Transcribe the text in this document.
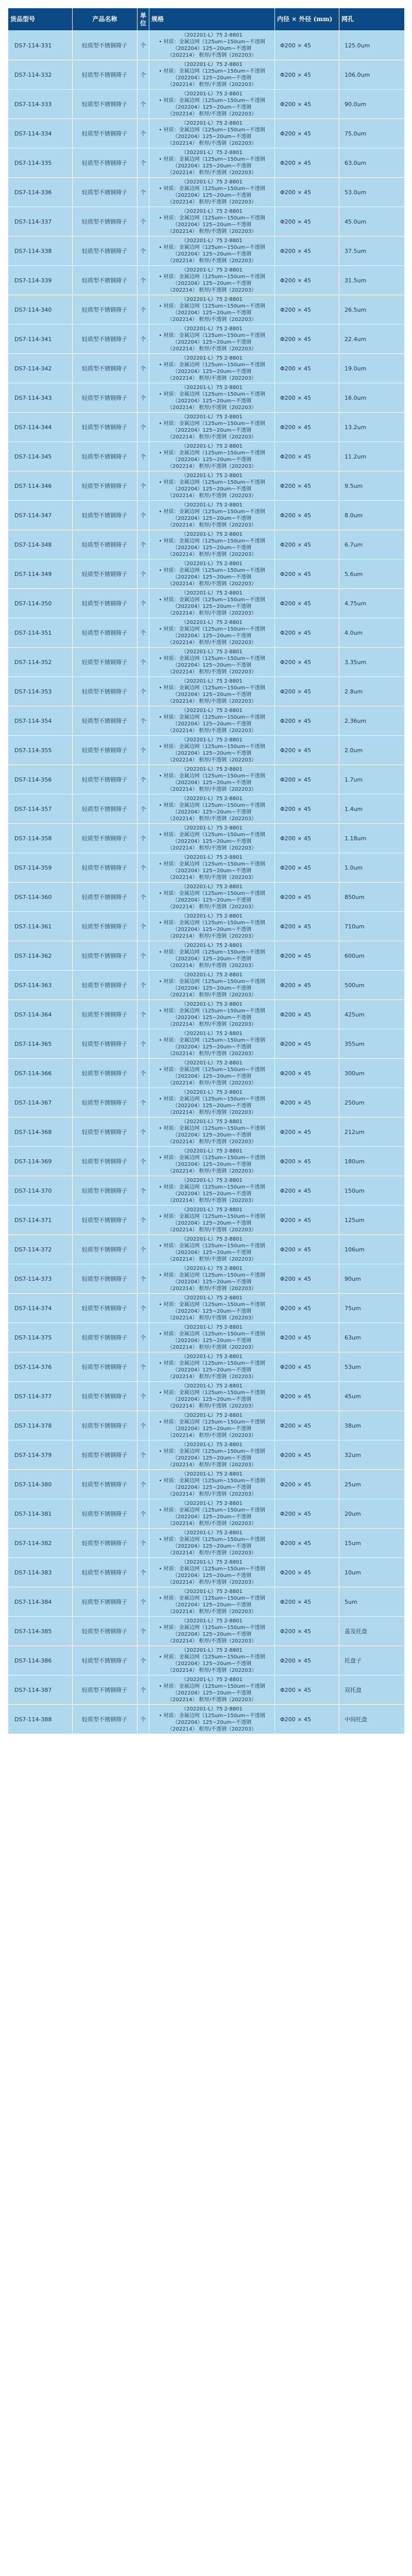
货品型号	产品名称	单位	规格	内径 × 外径 (mm)	网孔
DS7-114-331	轻质型不锈钢筛子	个	（202201-L）75 2-8801
• 材质：金属边网（125um~150um~不透钢
（202204）125~20um~不透钢
（202214） 框厚/不透钢（202203）	Φ200 × 45	125.0um
DS7-114-332	轻质型不锈钢筛子	个	（202201-L）75 2-8801
• 材质：金属边网（125um~150um~不透钢
（202204）125~20um~不透钢
（202214） 框厚/不透钢（202203）	Φ200 × 45	106.0um
DS7-114-333	轻质型不锈钢筛子	个	（202201-L）75 2-8801
• 材质：金属边网（125um~150um~不透钢
（202204）125~20um~不透钢
（202214） 框厚/不透钢（202203）	Φ200 × 45	90.0um
DS7-114-334	轻质型不锈钢筛子	个	（202201-L）75 2-8801
• 材质：金属边网（125um~150um~不透钢
（202204）125~20um~不透钢
（202214） 框厚/不透钢（202203）	Φ200 × 45	75.0um
DS7-114-335	轻质型不锈钢筛子	个	（202201-L）75 2-8801
• 材质：金属边网（125um~150um~不透钢
（202204）125~20um~不透钢
（202214） 框厚/不透钢（202203）	Φ200 × 45	63.0um
DS7-114-336	轻质型不锈钢筛子	个	（202201-L）75 2-8801
• 材质：金属边网（125um~150um~不透钢
（202204）125~20um~不透钢
（202214） 框厚/不透钢（202203）	Φ200 × 45	53.0um
DS7-114-337	轻质型不锈钢筛子	个	（202201-L）75 2-8801
• 材质：金属边网（125um~150um~不透钢
（202204）125~20um~不透钢
（202214） 框厚/不透钢（202203）	Φ200 × 45	45.0um
DS7-114-338	轻质型不锈钢筛子	个	（202201-L）75 2-8801
• 材质：金属边网（125um~150um~不透钢
（202204）125~20um~不透钢
（202214） 框厚/不透钢（202203）	Φ200 × 45	37.5um
DS7-114-339	轻质型不锈钢筛子	个	（202201-L）75 2-8801
• 材质：金属边网（125um~150um~不透钢
（202204）125~20um~不透钢
（202214） 框厚/不透钢（202203）	Φ200 × 45	31.5um
DS7-114-340	轻质型不锈钢筛子	个	（202201-L）75 2-8801
• 材质：金属边网（125um~150um~不透钢
（202204）125~20um~不透钢
（202214） 框厚/不透钢（202203）	Φ200 × 45	26.5um
DS7-114-341	轻质型不锈钢筛子	个	（202201-L）75 2-8801
• 材质：金属边网（125um~150um~不透钢
（202204）125~20um~不透钢
（202214） 框厚/不透钢（202203）	Φ200 × 45	22.4um
DS7-114-342	轻质型不锈钢筛子	个	（202201-L）75 2-8801
• 材质：金属边网（125um~150um~不透钢
（202204）125~20um~不透钢
（202214） 框厚/不透钢（202203）	Φ200 × 45	19.0um
DS7-114-343	轻质型不锈钢筛子	个	（202201-L）75 2-8801
• 材质：金属边网（125um~150um~不透钢
（202204）125~20um~不透钢
（202214） 框厚/不透钢（202203）	Φ200 × 45	16.0um
DS7-114-344	轻质型不锈钢筛子	个	（202201-L）75 2-8801
• 材质：金属边网（125um~150um~不透钢
（202204）125~20um~不透钢
（202214） 框厚/不透钢（202203）	Φ200 × 45	13.2um
DS7-114-345	轻质型不锈钢筛子	个	（202201-L）75 2-8801
• 材质：金属边网（125um~150um~不透钢
（202204）125~20um~不透钢
（202214） 框厚/不透钢（202203）	Φ200 × 45	11.2um
DS7-114-346	轻质型不锈钢筛子	个	（202201-L）75 2-8801
• 材质：金属边网（125um~150um~不透钢
（202204）125~20um~不透钢
（202214） 框厚/不透钢（202203）	Φ200 × 45	9.5um
DS7-114-347	轻质型不锈钢筛子	个	（202201-L）75 2-8801
• 材质：金属边网（125um~150um~不透钢
（202204）125~20um~不透钢
（202214） 框厚/不透钢（202203）	Φ200 × 45	8.0um
DS7-114-348	轻质型不锈钢筛子	个	（202201-L）75 2-8801
• 材质：金属边网（125um~150um~不透钢
（202204）125~20um~不透钢
（202214） 框厚/不透钢（202203）	Φ200 × 45	6.7um
DS7-114-349	轻质型不锈钢筛子	个	（202201-L）75 2-8801
• 材质：金属边网（125um~150um~不透钢
（202204）125~20um~不透钢
（202214） 框厚/不透钢（202203）	Φ200 × 45	5.6um
DS7-114-350	轻质型不锈钢筛子	个	（202201-L）75 2-8801
• 材质：金属边网（125um~150um~不透钢
（202204）125~20um~不透钢
（202214） 框厚/不透钢（202203）	Φ200 × 45	4.75um
DS7-114-351	轻质型不锈钢筛子	个	（202201-L）75 2-8801
• 材质：金属边网（125um~150um~不透钢
（202204）125~20um~不透钢
（202214） 框厚/不透钢（202203）	Φ200 × 45	4.0um
DS7-114-352	轻质型不锈钢筛子	个	（202201-L）75 2-8801
• 材质：金属边网（125um~150um~不透钢
（202204）125~20um~不透钢
（202214） 框厚/不透钢（202203）	Φ200 × 45	3.35um
DS7-114-353	轻质型不锈钢筛子	个	（202201-L）75 2-8801
• 材质：金属边网（125um~150um~不透钢
（202204）125~20um~不透钢
（202214） 框厚/不透钢（202203）	Φ200 × 45	2.8um
DS7-114-354	轻质型不锈钢筛子	个	（202201-L）75 2-8801
• 材质：金属边网（125um~150um~不透钢
（202204）125~20um~不透钢
（202214） 框厚/不透钢（202203）	Φ200 × 45	2.36um
DS7-114-355	轻质型不锈钢筛子	个	（202201-L）75 2-8801
• 材质：金属边网（125um~150um~不透钢
（202204）125~20um~不透钢
（202214） 框厚/不透钢（202203）	Φ200 × 45	2.0um
DS7-114-356	轻质型不锈钢筛子	个	（202201-L）75 2-8801
• 材质：金属边网（125um~150um~不透钢
（202204）125~20um~不透钢
（202214） 框厚/不透钢（202203）	Φ200 × 45	1.7um
DS7-114-357	轻质型不锈钢筛子	个	（202201-L）75 2-8801
• 材质：金属边网（125um~150um~不透钢
（202204）125~20um~不透钢
（202214） 框厚/不透钢（202203）	Φ200 × 45	1.4um
DS7-114-358	轻质型不锈钢筛子	个	（202201-L）75 2-8801
• 材质：金属边网（125um~150um~不透钢
（202204）125~20um~不透钢
（202214） 框厚/不透钢（202203）	Φ200 × 45	1.18um
DS7-114-359	轻质型不锈钢筛子	个	（202201-L）75 2-8801
• 材质：金属边网（125um~150um~不透钢
（202204）125~20um~不透钢
（202214） 框厚/不透钢（202203）	Φ200 × 45	1.0um
DS7-114-360	轻质型不锈钢筛子	个	（202201-L）75 2-8801
• 材质：金属边网（125um~150um~不透钢
（202204）125~20um~不透钢
（202214） 框厚/不透钢（202203）	Φ200 × 45	850um
DS7-114-361	轻质型不锈钢筛子	个	（202201-L）75 2-8801
• 材质：金属边网（125um~150um~不透钢
（202204）125~20um~不透钢
（202214） 框厚/不透钢（202203）	Φ200 × 45	710um
DS7-114-362	轻质型不锈钢筛子	个	（202201-L）75 2-8801
• 材质：金属边网（125um~150um~不透钢
（202204）125~20um~不透钢
（202214） 框厚/不透钢（202203）	Φ200 × 45	600um
DS7-114-363	轻质型不锈钢筛子	个	（202201-L）75 2-8801
• 材质：金属边网（125um~150um~不透钢
（202204）125~20um~不透钢
（202214） 框厚/不透钢（202203）	Φ200 × 45	500um
DS7-114-364	轻质型不锈钢筛子	个	（202201-L）75 2-8801
• 材质：金属边网（125um~150um~不透钢
（202204）125~20um~不透钢
（202214） 框厚/不透钢（202203）	Φ200 × 45	425um
DS7-114-365	轻质型不锈钢筛子	个	（202201-L）75 2-8801
• 材质：金属边网（125um~150um~不透钢
（202204）125~20um~不透钢
（202214） 框厚/不透钢（202203）	Φ200 × 45	355um
DS7-114-366	轻质型不锈钢筛子	个	（202201-L）75 2-8801
• 材质：金属边网（125um~150um~不透钢
（202204）125~20um~不透钢
（202214） 框厚/不透钢（202203）	Φ200 × 45	300um
DS7-114-367	轻质型不锈钢筛子	个	（202201-L）75 2-8801
• 材质：金属边网（125um~150um~不透钢
（202204）125~20um~不透钢
（202214） 框厚/不透钢（202203）	Φ200 × 45	250um
DS7-114-368	轻质型不锈钢筛子	个	（202201-L）75 2-8801
• 材质：金属边网（125um~150um~不透钢
（202204）125~20um~不透钢
（202214） 框厚/不透钢（202203）	Φ200 × 45	212um
DS7-114-369	轻质型不锈钢筛子	个	（202201-L）75 2-8801
• 材质：金属边网（125um~150um~不透钢
（202204）125~20um~不透钢
（202214） 框厚/不透钢（202203）	Φ200 × 45	180um
DS7-114-370	轻质型不锈钢筛子	个	（202201-L）75 2-8801
• 材质：金属边网（125um~150um~不透钢
（202204）125~20um~不透钢
（202214） 框厚/不透钢（202203）	Φ200 × 45	150um
DS7-114-371	轻质型不锈钢筛子	个	（202201-L）75 2-8801
• 材质：金属边网（125um~150um~不透钢
（202204）125~20um~不透钢
（202214） 框厚/不透钢（202203）	Φ200 × 45	125um
DS7-114-372	轻质型不锈钢筛子	个	（202201-L）75 2-8801
• 材质：金属边网（125um~150um~不透钢
（202204）125~20um~不透钢
（202214） 框厚/不透钢（202203）	Φ200 × 45	106um
DS7-114-373	轻质型不锈钢筛子	个	（202201-L）75 2-8801
• 材质：金属边网（125um~150um~不透钢
（202204）125~20um~不透钢
（202214） 框厚/不透钢（202203）	Φ200 × 45	90um
DS7-114-374	轻质型不锈钢筛子	个	（202201-L）75 2-8801
• 材质：金属边网（125um~150um~不透钢
（202204）125~20um~不透钢
（202214） 框厚/不透钢（202203）	Φ200 × 45	75um
DS7-114-375	轻质型不锈钢筛子	个	（202201-L）75 2-8801
• 材质：金属边网（125um~150um~不透钢
（202204）125~20um~不透钢
（202214） 框厚/不透钢（202203）	Φ200 × 45	63um
DS7-114-376	轻质型不锈钢筛子	个	（202201-L）75 2-8801
• 材质：金属边网（125um~150um~不透钢
（202204）125~20um~不透钢
（202214） 框厚/不透钢（202203）	Φ200 × 45	53um
DS7-114-377	轻质型不锈钢筛子	个	（202201-L）75 2-8801
• 材质：金属边网（125um~150um~不透钢
（202204）125~20um~不透钢
（202214） 框厚/不透钢（202203）	Φ200 × 45	45um
DS7-114-378	轻质型不锈钢筛子	个	（202201-L）75 2-8801
• 材质：金属边网（125um~150um~不透钢
（202204）125~20um~不透钢
（202214） 框厚/不透钢（202203）	Φ200 × 45	38um
DS7-114-379	轻质型不锈钢筛子	个	（202201-L）75 2-8801
• 材质：金属边网（125um~150um~不透钢
（202204）125~20um~不透钢
（202214） 框厚/不透钢（202203）	Φ200 × 45	32um
DS7-114-380	轻质型不锈钢筛子	个	（202201-L）75 2-8801
• 材质：金属边网（125um~150um~不透钢
（202204）125~20um~不透钢
（202214） 框厚/不透钢（202203）	Φ200 × 45	25um
DS7-114-381	轻质型不锈钢筛子	个	（202201-L）75 2-8801
• 材质：金属边网（125um~150um~不透钢
（202204）125~20um~不透钢
（202214） 框厚/不透钢（202203）	Φ200 × 45	20um
DS7-114-382	轻质型不锈钢筛子	个	（202201-L）75 2-8801
• 材质：金属边网（125um~150um~不透钢
（202204）125~20um~不透钢
（202214） 框厚/不透钢（202203）	Φ200 × 45	15um
DS7-114-383	轻质型不锈钢筛子	个	（202201-L）75 2-8801
• 材质：金属边网（125um~150um~不透钢
（202204）125~20um~不透钢
（202214） 框厚/不透钢（202203）	Φ200 × 45	10um
DS7-114-384	轻质型不锈钢筛子	个	（202201-L）75 2-8801
• 材质：金属边网（125um~150um~不透钢
（202204）125~20um~不透钢
（202214） 框厚/不透钢（202203）	Φ200 × 45	5um
DS7-114-385	轻质型不锈钢筛子	个	（202201-L）75 2-8801
• 材质：金属边网（125um~150um~不透钢
（202204）125~20um~不透钢
（202214） 框厚/不透钢（202203）	Φ200 × 45	盖及托盘
DS7-114-386	轻质型不锈钢筛子	个	（202201-L）75 2-8801
• 材质：金属边网（125um~150um~不透钢
（202204）125~20um~不透钢
（202214） 框厚/不透钢（202203）	Φ200 × 45	托盘子
DS7-114-387	轻质型不锈钢筛子	个	（202201-L）75 2-8801
• 材质：金属边网（125um~150um~不透钢
（202204）125~20um~不透钢
（202214） 框厚/不透钢（202203）	Φ200 × 45	双托盘
DS7-114-388	轻质型不锈钢筛子	个	（202201-L）75 2-8801
• 材质：金属边网（125um~150um~不透钢
（202204）125~20um~不透钢
（202214） 框厚/不透钢（202203）	Φ200 × 45	中间托盘
